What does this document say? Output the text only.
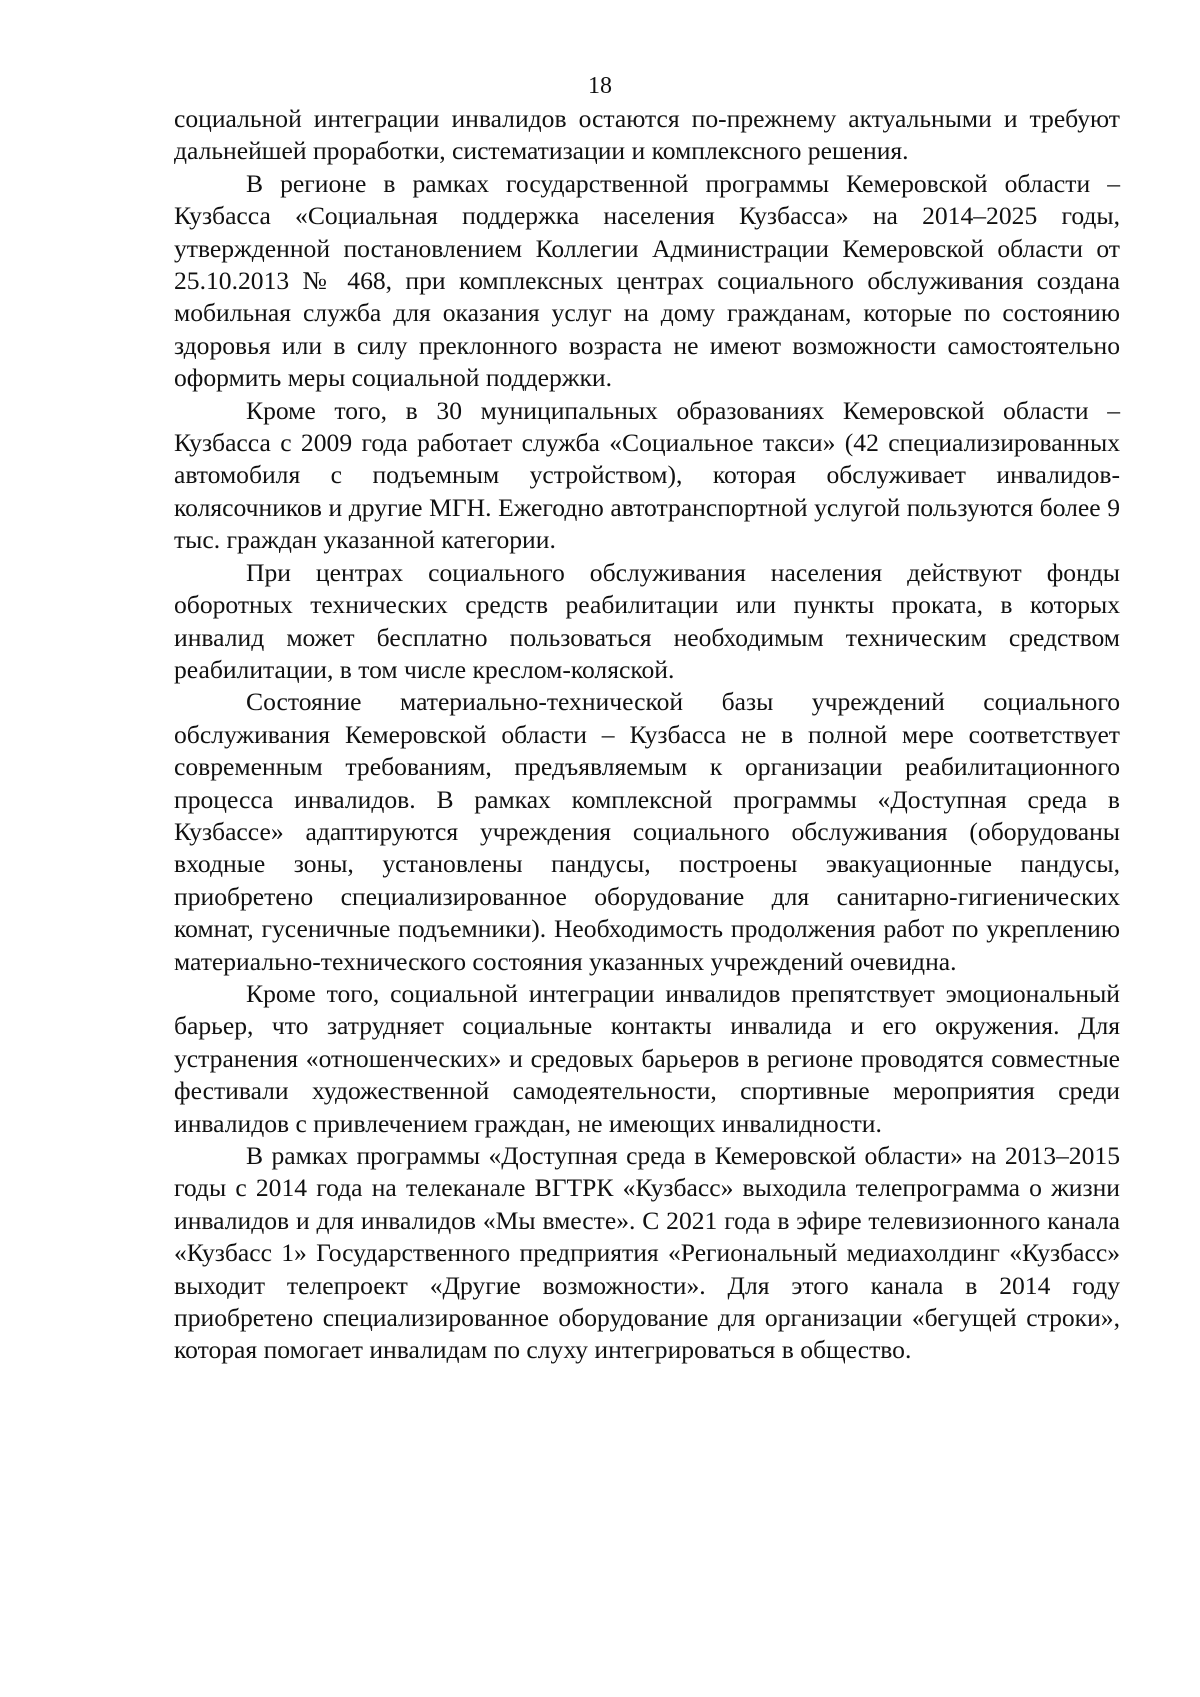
18

социальной интеграции инвалидов остаются по-прежнему актуальными и требуют дальнейшей проработки, систематизации и комплексного решения.

В регионе в рамках государственной программы Кемеровской области – Кузбасса «Социальная поддержка населения Кузбасса» на 2014–2025 годы, утвержденной постановлением Коллегии Администрации Кемеровской области от 25.10.2013 № 468, при комплексных центрах социального обслуживания создана мобильная служба для оказания услуг на дому гражданам, которые по состоянию здоровья или в силу преклонного возраста не имеют возможности самостоятельно оформить меры социальной поддержки.

Кроме того, в 30 муниципальных образованиях Кемеровской области – Кузбасса с 2009 года работает служба «Социальное такси» (42 специализированных автомобиля с подъемным устройством), которая обслуживает инвалидов-колясочников и другие МГН. Ежегодно автотранспортной услугой пользуются более 9 тыс. граждан указанной категории.

При центрах социального обслуживания населения действуют фонды оборотных технических средств реабилитации или пункты проката, в которых инвалид может бесплатно пользоваться необходимым техническим средством реабилитации, в том числе креслом-коляской.

Состояние материально-технической базы учреждений социального обслуживания Кемеровской области – Кузбасса не в полной мере соответствует современным требованиям, предъявляемым к организации реабилитационного процесса инвалидов. В рамках комплексной программы «Доступная среда в Кузбассе» адаптируются учреждения социального обслуживания (оборудованы входные зоны, установлены пандусы, построены эвакуационные пандусы, приобретено специализированное оборудование для санитарно-гигиенических комнат, гусеничные подъемники). Необходимость продолжения работ по укреплению материально-технического состояния указанных учреждений очевидна.

Кроме того, социальной интеграции инвалидов препятствует эмоциональный барьер, что затрудняет социальные контакты инвалида и его окружения. Для устранения «отношенческих» и средовых барьеров в регионе проводятся совместные фестивали художественной самодеятельности, спортивные мероприятия среди инвалидов с привлечением граждан, не имеющих инвалидности.

В рамках программы «Доступная среда в Кемеровской области» на 2013–2015 годы с 2014 года на телеканале ВГТРК «Кузбасс» выходила телепрограмма о жизни инвалидов и для инвалидов «Мы вместе». С 2021 года в эфире телевизионного канала «Кузбасс 1» Государственного предприятия «Региональный медиахолдинг «Кузбасс» выходит телепроект «Другие возможности». Для этого канала в 2014 году приобретено специализированное оборудование для организации «бегущей строки», которая помогает инвалидам по слуху интегрироваться в общество.
